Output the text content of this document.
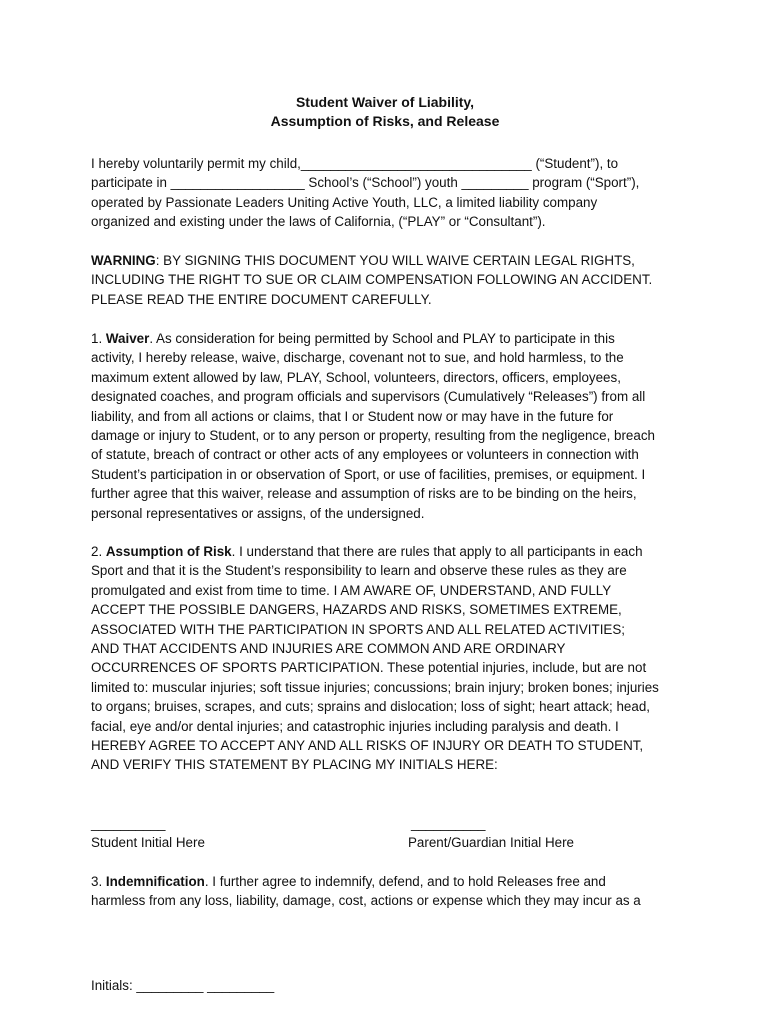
Student Waiver of Liability,
Assumption of Risks, and Release
I hereby voluntarily permit my child,_______________________________ (“Student”), to
participate in __________________ School’s (“School”) youth _________ program (“Sport”),
operated by Passionate Leaders Uniting Active Youth, LLC, a limited liability company
organized and existing under the laws of California, (“PLAY” or “Consultant”).
WARNING: BY SIGNING THIS DOCUMENT YOU WILL WAIVE CERTAIN LEGAL RIGHTS,
INCLUDING THE RIGHT TO SUE OR CLAIM COMPENSATION FOLLOWING AN ACCIDENT.
PLEASE READ THE ENTIRE DOCUMENT CAREFULLY.
1. Waiver. As consideration for being permitted by School and PLAY to participate in this
activity, I hereby release, waive, discharge, covenant not to sue, and hold harmless, to the
maximum extent allowed by law, PLAY, School, volunteers, directors, officers, employees,
designated coaches, and program officials and supervisors (Cumulatively “Releases”) from all
liability, and from all actions or claims, that I or Student now or may have in the future for
damage or injury to Student, or to any person or property, resulting from the negligence, breach
of statute, breach of contract or other acts of any employees or volunteers in connection with
Student’s participation in or observation of Sport, or use of facilities, premises, or equipment. I
further agree that this waiver, release and assumption of risks are to be binding on the heirs,
personal representatives or assigns, of the undersigned.
2. Assumption of Risk. I understand that there are rules that apply to all participants in each
Sport and that it is the Student’s responsibility to learn and observe these rules as they are
promulgated and exist from time to time. I AM AWARE OF, UNDERSTAND, AND FULLY
ACCEPT THE POSSIBLE DANGERS, HAZARDS AND RISKS, SOMETIMES EXTREME,
ASSOCIATED WITH THE PARTICIPATION IN SPORTS AND ALL RELATED ACTIVITIES;
AND THAT ACCIDENTS AND INJURIES ARE COMMON AND ARE ORDINARY
OCCURRENCES OF SPORTS PARTICIPATION. These potential injuries, include, but are not
limited to: muscular injuries; soft tissue injuries; concussions; brain injury; broken bones; injuries
to organs; bruises, scrapes, and cuts; sprains and dislocation; loss of sight; heart attack; head,
facial, eye and/or dental injuries; and catastrophic injuries including paralysis and death. I
HEREBY AGREE TO ACCEPT ANY AND ALL RISKS OF INJURY OR DEATH TO STUDENT,
AND VERIFY THIS STATEMENT BY PLACING MY INITIALS HERE:
__________
Student Initial Here
__________
Parent/Guardian Initial Here
3. Indemnification. I further agree to indemnify, defend, and to hold Releases free and
harmless from any loss, liability, damage, cost, actions or expense which they may incur as a
Initials: _________ _________
